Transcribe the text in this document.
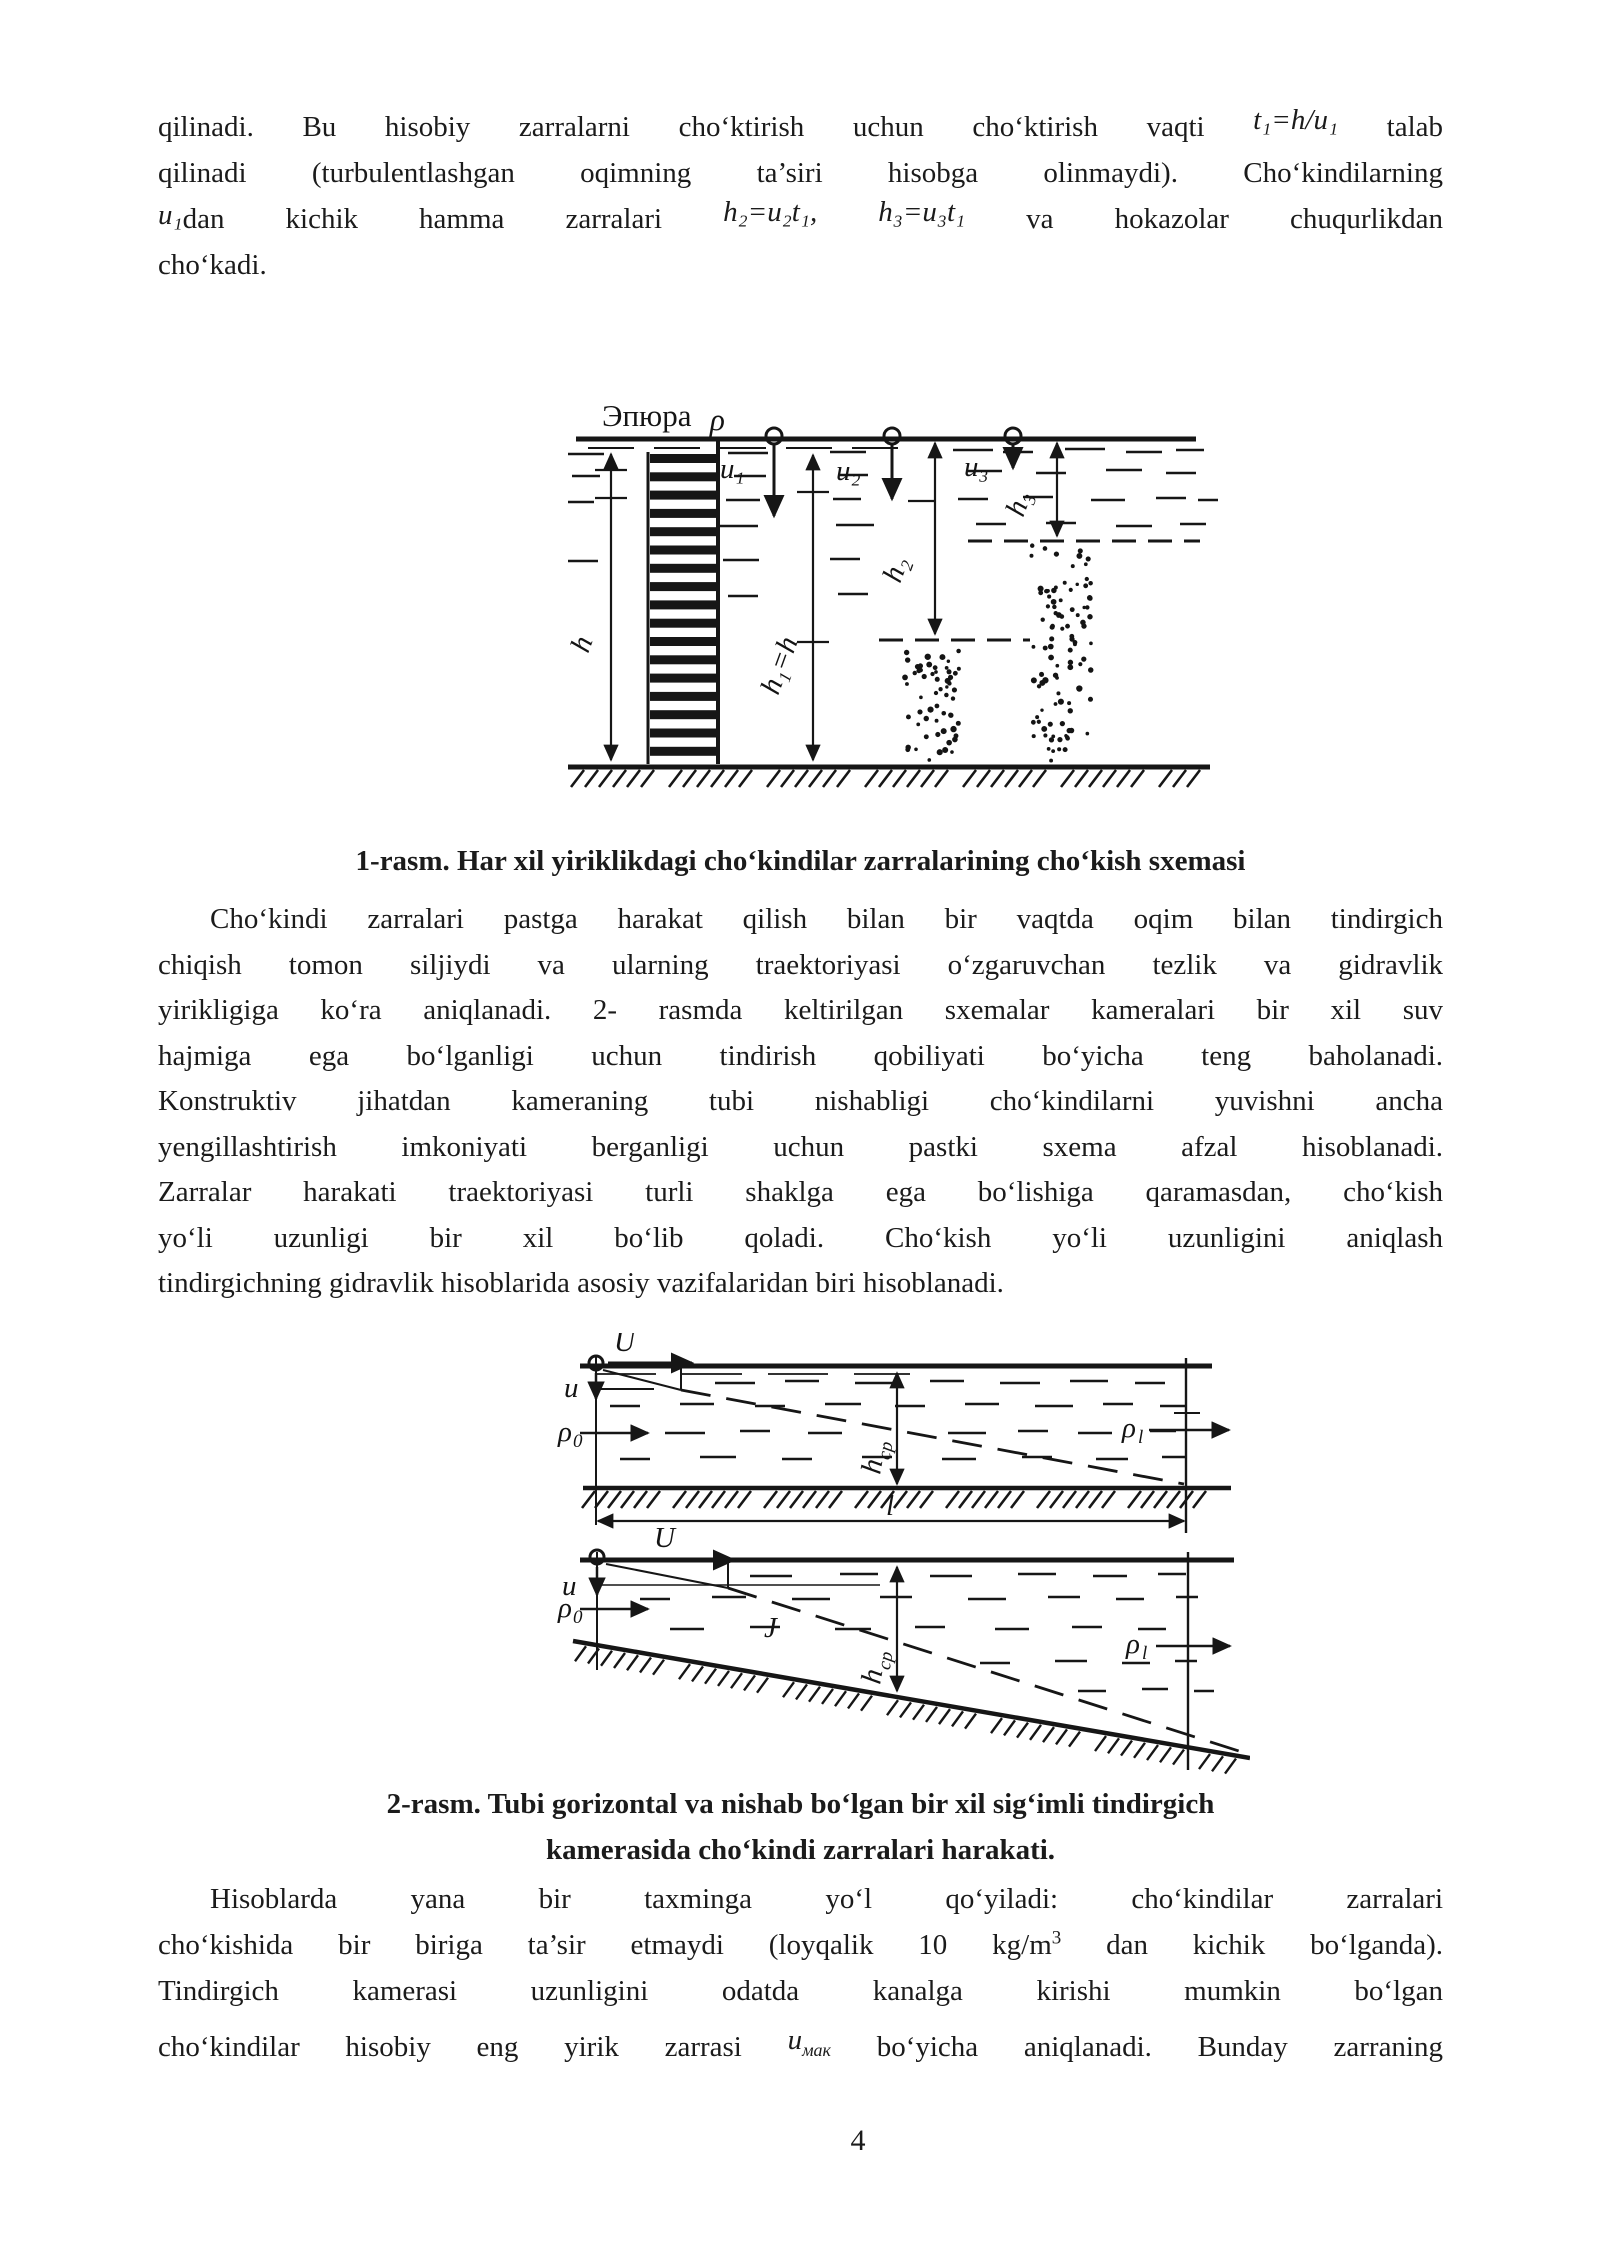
qilinadi. Bu hisobiy zarralarni choʻktirish uchun choʻktirish vaqti t₁=h/u₁ talab
qilinadi (turbulentlashgan oqimning ta’siri hisobga olinmaydi). Choʻkindilarning
u₁dan kichik hamma zarralari h₂=u₂t₁, h₃=u₃t₁ va hokazolar chuqurlikdan
choʻkadi.
Эпюра ρ
h	h₁=h
u₁	u₂	u₃
h₂
h₃
1-rasm. Har xil yiriklikdagi choʻkindilar zarralarining choʻkish sxemasi
Choʻkindi zarralari pastga harakat qilish bilan bir vaqtda oqim bilan tindirgich
chiqish tomon siljiydi va ularning traektoriyasi oʻzgaruvchan tezlik va gidravlik
yirikligiga koʻra aniqlanadi. 2- rasmda keltirilgan sxemalar kameralari bir xil suv
hajmiga ega boʻlganligi uchun tindirish qobiliyati boʻyicha teng baholanadi.
Konstruktiv jihatdan kameraning tubi nishabligi choʻkindilarni yuvishni ancha
yengillashtirish imkoniyati berganligi uchun pastki sxema afzal hisoblanadi.
Zarralar harakati traektoriyasi turli shaklga ega boʻlishiga qaramasdan, choʻkish
yoʻli uzunligi bir xil boʻlib qoladi. Choʻkish yoʻli uzunligini aniqlash
tindirgichning gidravlik hisoblarida asosiy vazifalaridan biri hisoblanadi.
U
u
ρ 0	ρ l
h
ср
l
U
u
ρ 0	J
h
ср
ρ l
2-rasm. Tubi gorizontal va nishab boʻlgan bir xil sigʻimli tindirgich
kamerasida choʻkindi zarralari harakati.
Hisoblarda yana bir taxminga yoʻl qoʻyiladi: choʻkindilar zarralari
choʻkishida bir biriga ta’sir etmaydi (loyqalik 10 $kg/m^3$ dan kichik boʻlganda).
Tindirgich kamerasi uzunligini odatda kanalga kirishi mumkin boʻlgan
choʻkindilar hisobiy eng yirik zarrasi $u_{мак}$ boʻyicha aniqlanadi. Bunday zarraning
4
